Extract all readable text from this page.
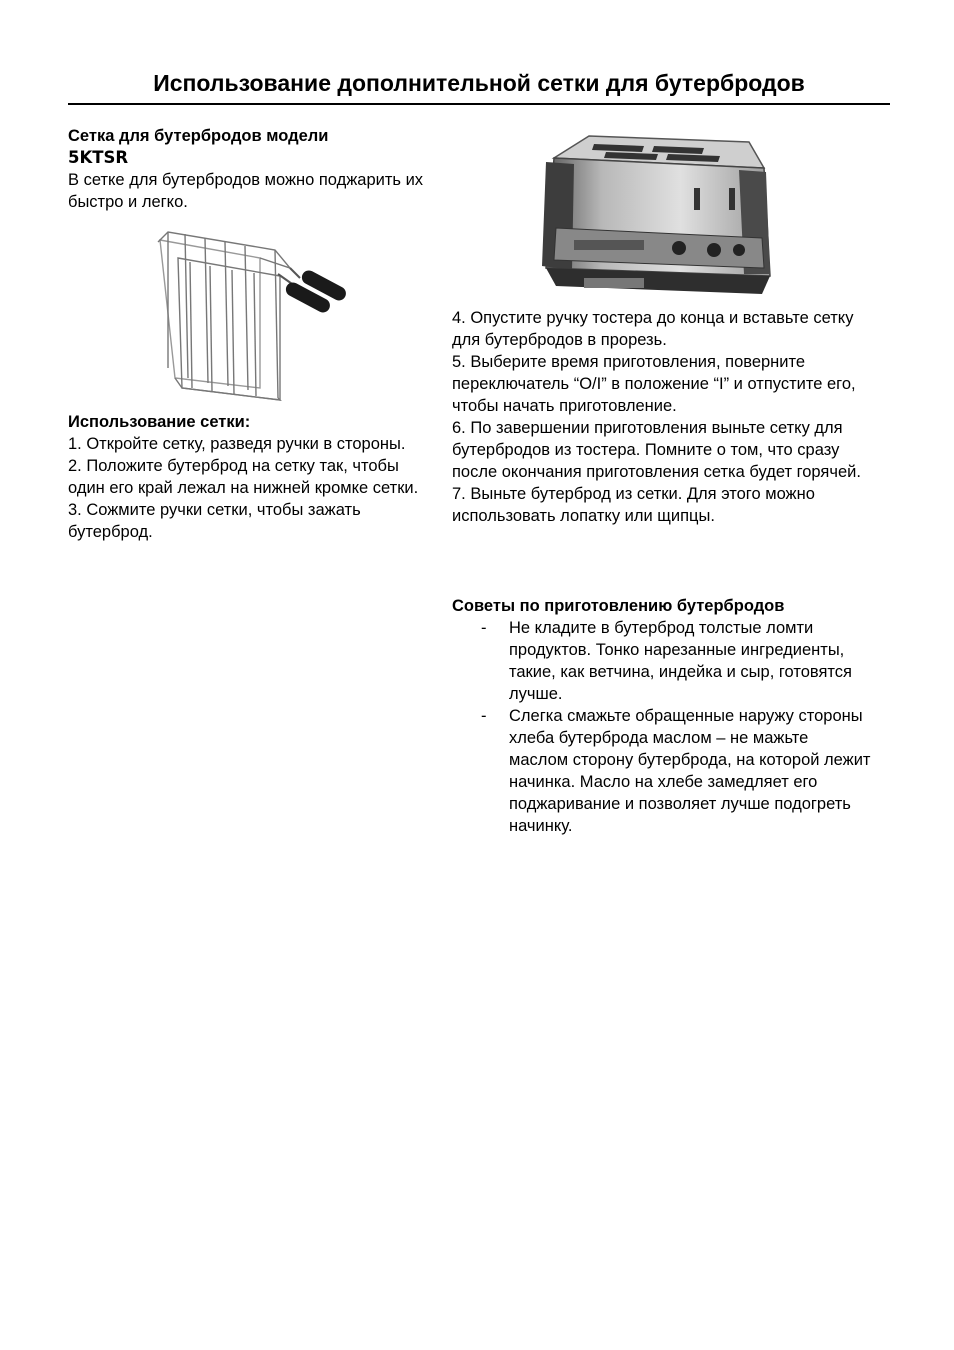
Использование дополнительной сетки для бутербродов

Сетка для бутербродов модели

5KTSR

В сетке для бутербродов можно поджарить их быстро и легко.

Использование сетки:

1. Откройте сетку, разведя ручки в стороны.

2. Положите бутерброд на сетку так, чтобы один его край лежал на нижней кромке сетки.

3. Сожмите ручки сетки, чтобы зажать бутерброд.

4. Опустите ручку тостера до конца и вставьте сетку для бутербродов в прорезь.

5. Выберите время приготовления, поверните переключатель “O/I” в положение “I” и отпустите его, чтобы начать приготовление.

6. По завершении приготовления выньте сетку для бутербродов из тостера. Помните о том, что сразу после окончания приготовления сетка будет горячей.

7. Выньте бутерброд из сетки. Для этого можно использовать лопатку или щипцы.

Советы по приготовлению бутербродов

- Не кладите в бутерброд толстые ломти продуктов. Тонко нарезанные ингредиенты, такие, как ветчина, индейка и сыр, готовятся лучше.
- Слегка смажьте обращенные наружу стороны хлеба бутерброда маслом – не мажьте маслом сторону бутерброда, на которой лежит начинка. Масло на хлебе замедляет его поджаривание и позволяет лучше подогреть начинку.
